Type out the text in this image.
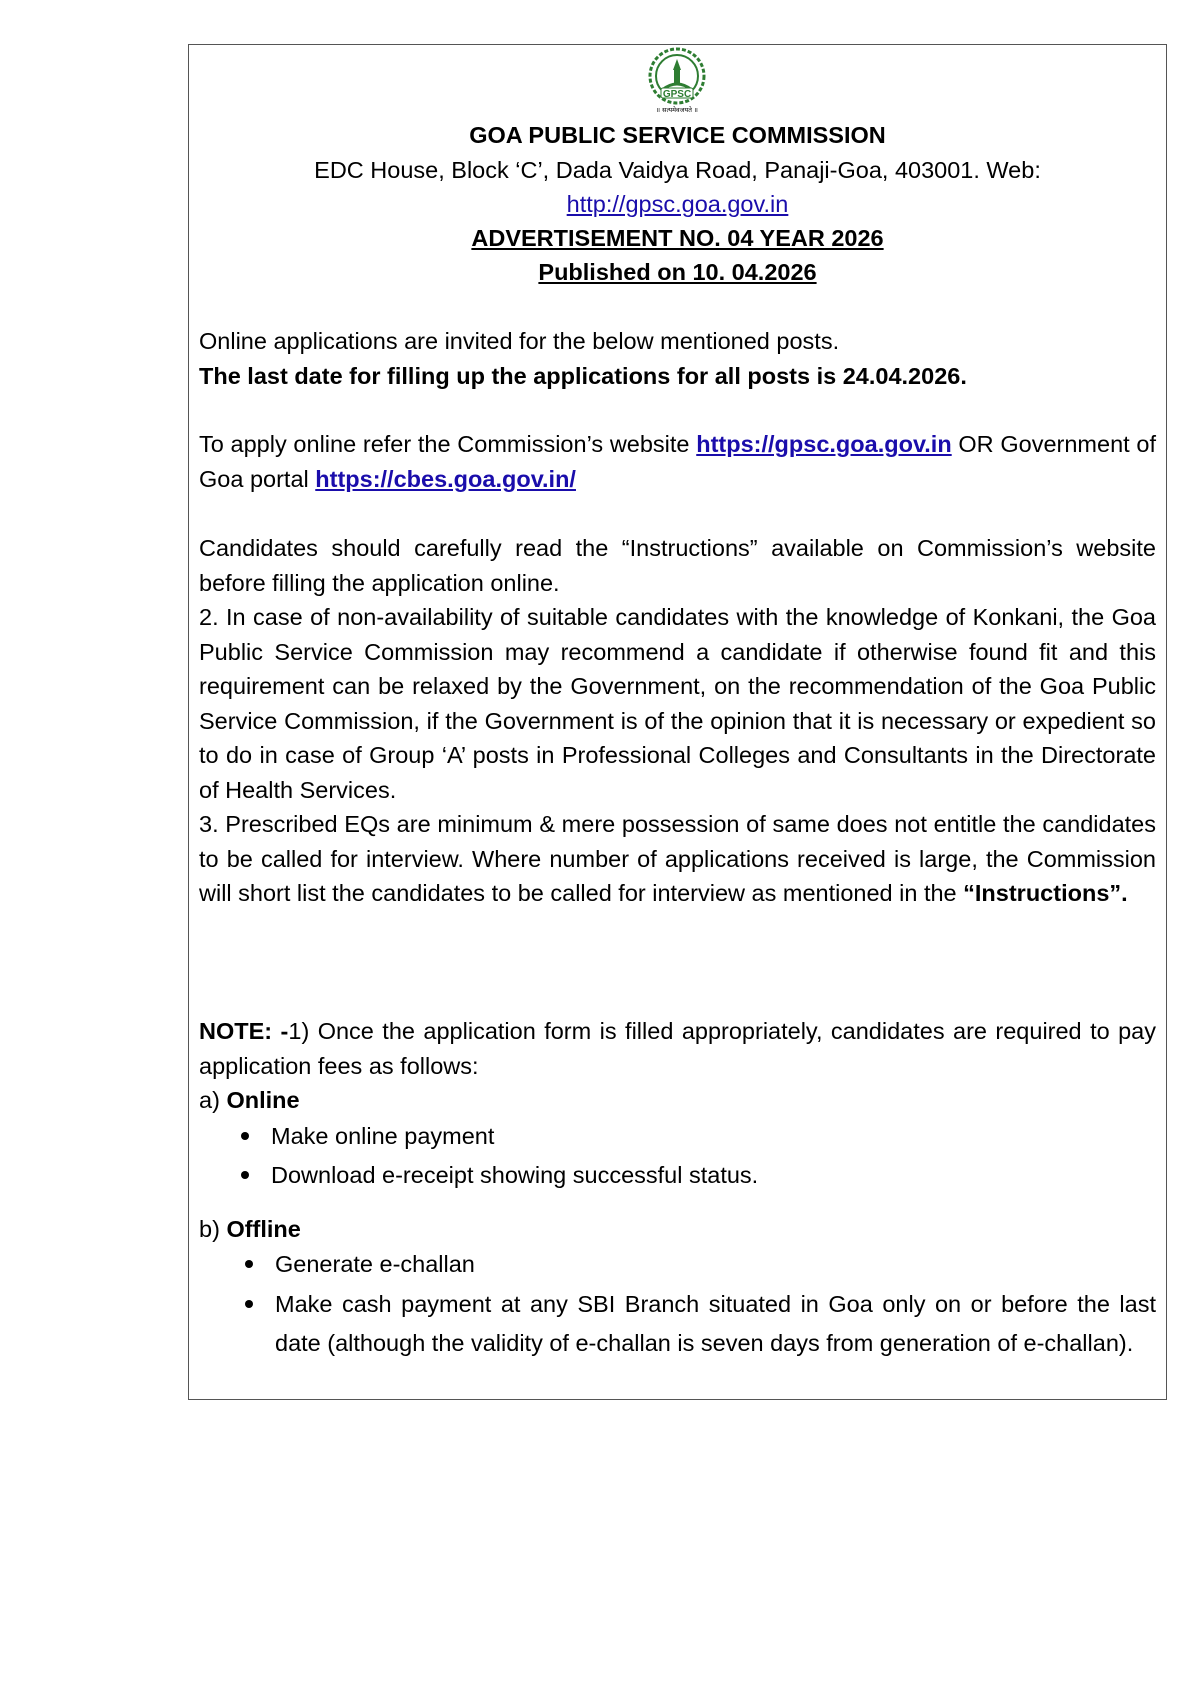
GPSC
॥ सत्यमेवजयते ॥
GOA PUBLIC SERVICE COMMISSION
EDC House, Block ‘C’, Dada Vaidya Road, Panaji-Goa, 403001. Web:
http://gpsc.goa.gov.in
ADVERTISEMENT NO. 04 YEAR 2026
Published on 10. 04.2026

Online applications are invited for the below mentioned posts.

The last date for filling up the applications for all posts is 24.04.2026.

To apply online refer the Commission’s website https://gpsc.goa.gov.in OR Government of Goa portal https://cbes.goa.gov.in/

Candidates should carefully read the “Instructions” available on Commission’s website before filling the application online.

2. In case of non-availability of suitable candidates with the knowledge of Konkani, the Goa Public Service Commission may recommend a candidate if otherwise found fit and this requirement can be relaxed by the Government, on the recommendation of the Goa Public Service Commission, if the Government is of the opinion that it is necessary or expedient so to do in case of Group ‘A’ posts in Professional Colleges and Consultants in the Directorate of Health Services.

3. Prescribed EQs are minimum & mere possession of same does not entitle the candidates to be called for interview. Where number of applications received is large, the Commission will short list the candidates to be called for interview as mentioned in the “Instructions”.

NOTE: -1) Once the application form is filled appropriately, candidates are required to pay application fees as follows:

a) Online
Make online payment
Download e-receipt showing successful status.
b) Offline
Generate e-challan
Make cash payment at any SBI Branch situated in Goa only on or before the last date (although the validity of e-challan is seven days from generation of e-challan).
